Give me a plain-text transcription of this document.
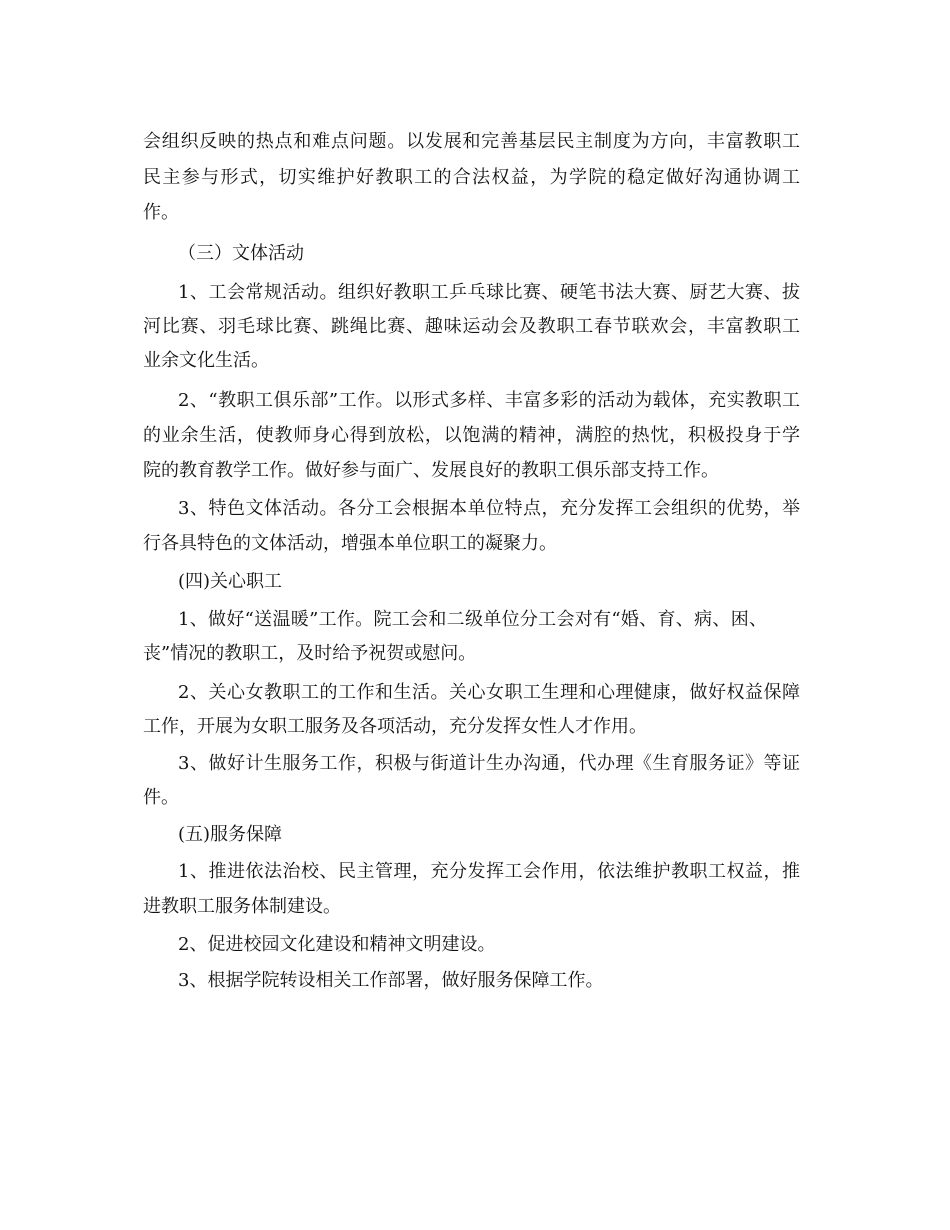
会组织反映的热点和难点问题。以发展和完善基层民主制度为方向，丰富教职工
民主参与形式，切实维护好教职工的合法权益，为学院的稳定做好沟通协调工
作。
（三）文体活动
1、工会常规活动。组织好教职工乒乓球比赛、硬笔书法大赛、厨艺大赛、拔
河比赛、羽毛球比赛、跳绳比赛、趣味运动会及教职工春节联欢会，丰富教职工
业余文化生活。
2、“教职工俱乐部”工作。以形式多样、丰富多彩的活动为载体，充实教职工
的业余生活，使教师身心得到放松，以饱满的精神，满腔的热忱，积极投身于学
院的教育教学工作。做好参与面广、发展良好的教职工俱乐部支持工作。
3、特色文体活动。各分工会根据本单位特点，充分发挥工会组织的优势，举
行各具特色的文体活动，增强本单位职工的凝聚力。
(四)关心职工
1、做好“送温暖”工作。院工会和二级单位分工会对有“婚、育、病、困、
丧”情况的教职工，及时给予祝贺或慰问。
2、关心女教职工的工作和生活。关心女职工生理和心理健康，做好权益保障
工作，开展为女职工服务及各项活动，充分发挥女性人才作用。
3、做好计生服务工作，积极与街道计生办沟通，代办理《生育服务证》等证
件。
(五)服务保障
1、推进依法治校、民主管理，充分发挥工会作用，依法维护教职工权益，推
进教职工服务体制建设。
2、促进校园文化建设和精神文明建设。
3、根据学院转设相关工作部署，做好服务保障工作。
